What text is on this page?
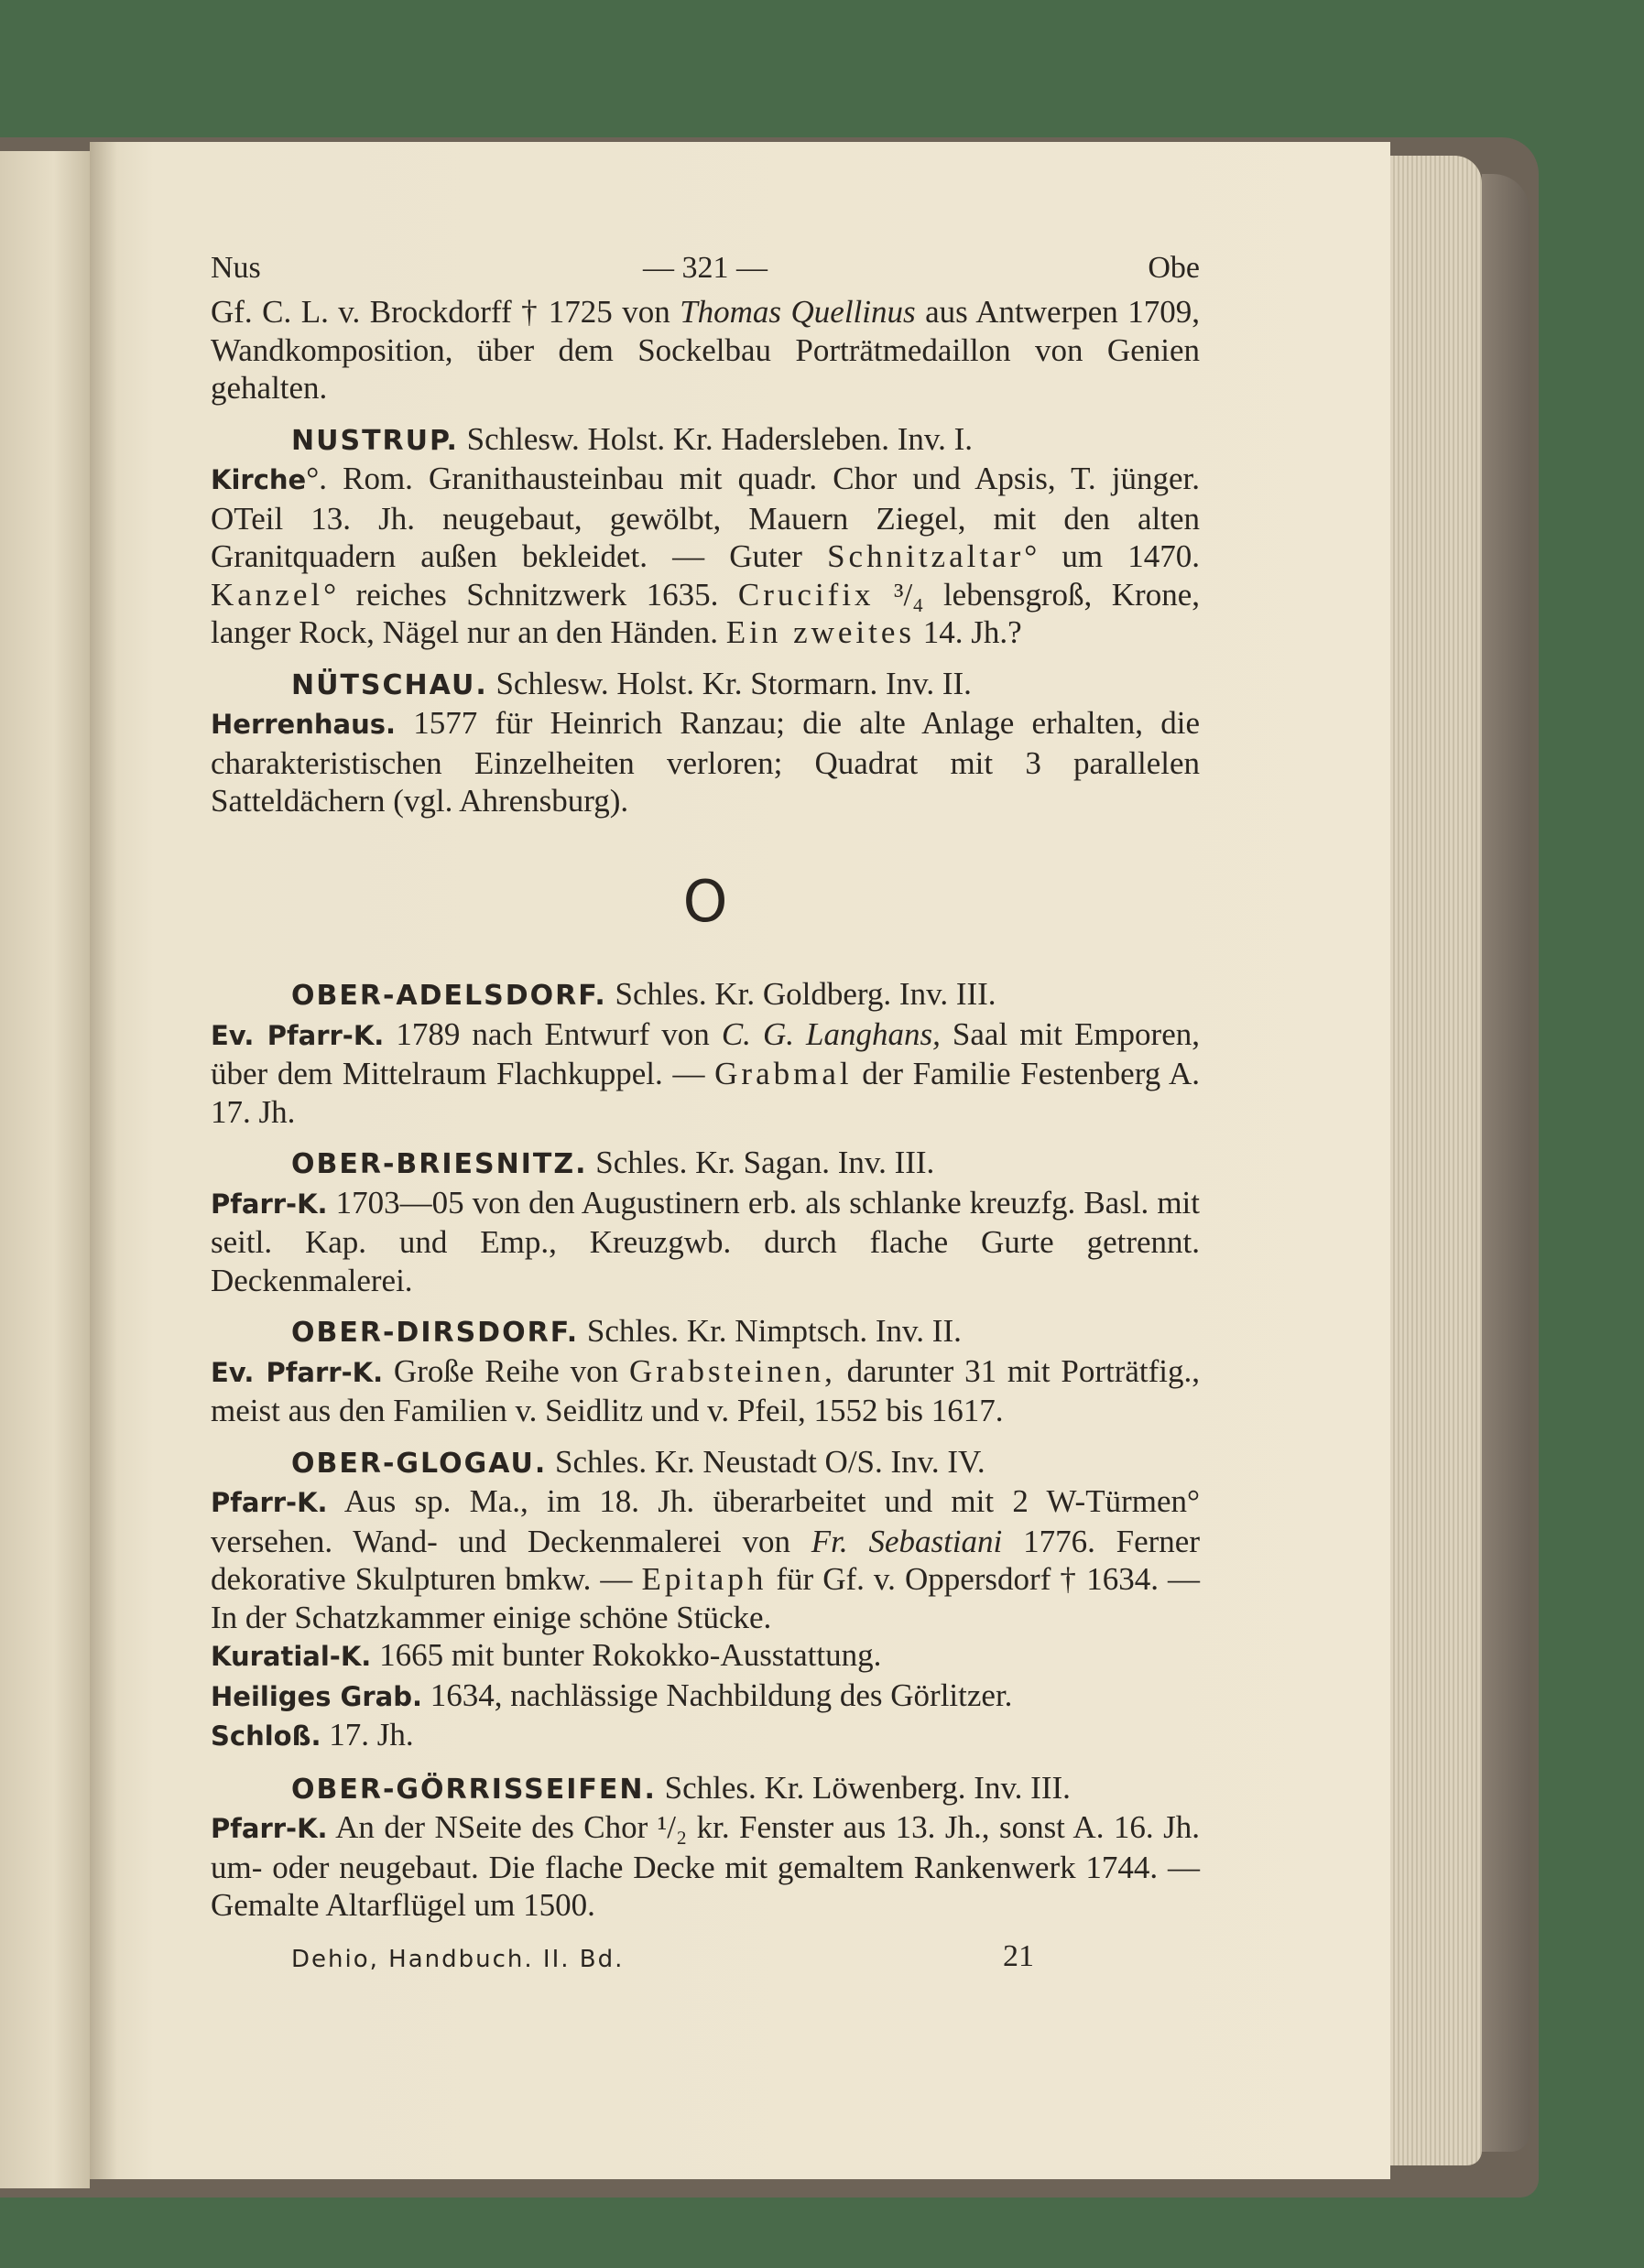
Nus	— 321 —	Obe

Gf. C. L. v. Brockdorff † 1725 von Thomas Quellinus aus Antwerpen 1709, Wandkomposition, über dem Sockelbau Porträtmedaillon von Genien gehalten.

NUSTRUP. Schlesw. Holst. Kr. Hadersleben. Inv. I.

Kirche°. Rom. Granithausteinbau mit quadr. Chor und Apsis, T. jünger. OTeil 13. Jh. neugebaut, gewölbt, Mauern Ziegel, mit den alten Granitquadern außen bekleidet. — Guter Schnitzaltar° um 1470. Kanzel° reiches Schnitzwerk 1635. Crucifix ³/₄ lebensgroß, Krone, langer Rock, Nägel nur an den Händen. Ein zweites 14. Jh.?

NÜTSCHAU. Schlesw. Holst. Kr. Stormarn. Inv. II.

Herrenhaus. 1577 für Heinrich Ranzau; die alte Anlage erhalten, die charakteristischen Einzelheiten verloren; Quadrat mit 3 parallelen Satteldächern (vgl. Ahrensburg).

O

OBER-ADELSDORF. Schles. Kr. Goldberg. Inv. III.

Ev. Pfarr-K. 1789 nach Entwurf von C. G. Langhans, Saal mit Emporen, über dem Mittelraum Flachkuppel. — Grabmal der Familie Festenberg A. 17. Jh.

OBER-BRIESNITZ. Schles. Kr. Sagan. Inv. III.

Pfarr-K. 1703—05 von den Augustinern erb. als schlanke kreuzfg. Basl. mit seitl. Kap. und Emp., Kreuzgwb. durch flache Gurte getrennt. Deckenmalerei.

OBER-DIRSDORF. Schles. Kr. Nimptsch. Inv. II.

Ev. Pfarr-K. Große Reihe von Grabsteinen, darunter 31 mit Porträtfig., meist aus den Familien v. Seidlitz und v. Pfeil, 1552 bis 1617.

OBER-GLOGAU. Schles. Kr. Neustadt O/S. Inv. IV.

Pfarr-K. Aus sp. Ma., im 18. Jh. überarbeitet und mit 2 W-Türmen° versehen. Wand- und Deckenmalerei von Fr. Sebastiani 1776. Ferner dekorative Skulpturen bmkw. — Epitaph für Gf. v. Oppersdorf † 1634. — In der Schatzkammer einige schöne Stücke.

Kuratial-K. 1665 mit bunter Rokokko-Ausstattung.

Heiliges Grab. 1634, nachlässige Nachbildung des Görlitzer.

Schloß. 17. Jh.

OBER-GÖRRISSEIFEN. Schles. Kr. Löwenberg. Inv. III.

Pfarr-K. An der NSeite des Chor ¹/₂ kr. Fenster aus 13. Jh., sonst A. 16. Jh. um- oder neugebaut. Die flache Decke mit gemaltem Rankenwerk 1744. — Gemalte Altarflügel um 1500.

Dehio, Handbuch. II. Bd.	21
